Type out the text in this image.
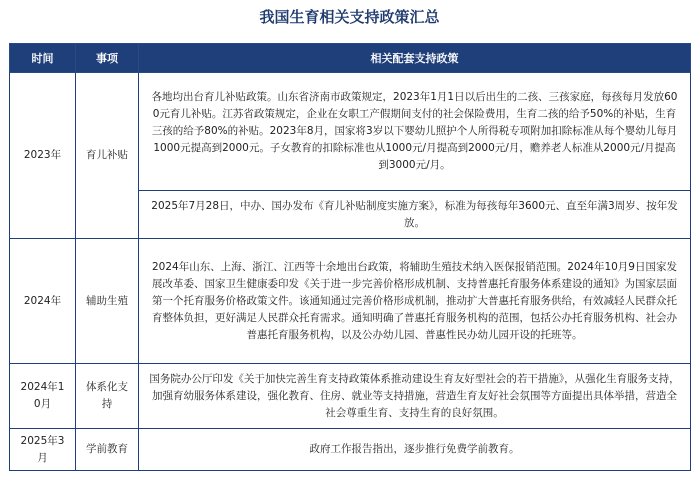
我国生育相关支持政策汇总
时间	事项	相关配套支持政策
2023年	育儿补贴	各地均出台育儿补贴政策。山东省济南市政策规定，2023年1月1日以后出生的二孩、三孩家庭，每孩每月发放600元育儿补贴。江苏省政策规定，企业在女职工产假期间支付的社会保险费用，生育二孩的给予50%的补贴，生育三孩的给予80%的补贴。2023年8月，国家将3岁以下婴幼儿照护个人所得税专项附加扣除标准从每个婴幼儿每月1000元提高到2000元。子女教育的扣除标准也从1000元/月提高到2000元/月，赡养老人标准从2000元/月提高到3000元/月。
		2025年7月28日，中办、国办发布《育儿补贴制度实施方案》，标准为每孩每年3600元、直至年满3周岁、按年发放。
2024年	辅助生殖	2024年山东、上海、浙江、江西等十余地出台政策，将辅助生殖技术纳入医保报销范围。2024年10月9日国家发展改革委、国家卫生健康委印发《关于进一步完善价格形成机制、支持普惠托育服务体系建设的通知》为国家层面第一个托育服务价格政策文件。该通知通过完善价格形成机制，推动扩大普惠托育服务供给，有效减轻人民群众托育整体负担，更好满足人民群众托育需求。通知明确了普惠托育服务机构的范围，包括公办托育服务机构、社会办普惠托育服务机构，以及公办幼儿园、普惠性民办幼儿园开设的托班等。
2024年10月	体系化支持	国务院办公厅印发《关于加快完善生育支持政策体系推动建设生育友好型社会的若干措施》，从强化生育服务支持，加强育幼服务体系建设，强化教育、住房、就业等支持措施，营造生育友好社会氛围等方面提出具体举措，营造全社会尊重生育、支持生育的良好氛围。
2025年3月	学前教育	政府工作报告指出，逐步推行免费学前教育。
